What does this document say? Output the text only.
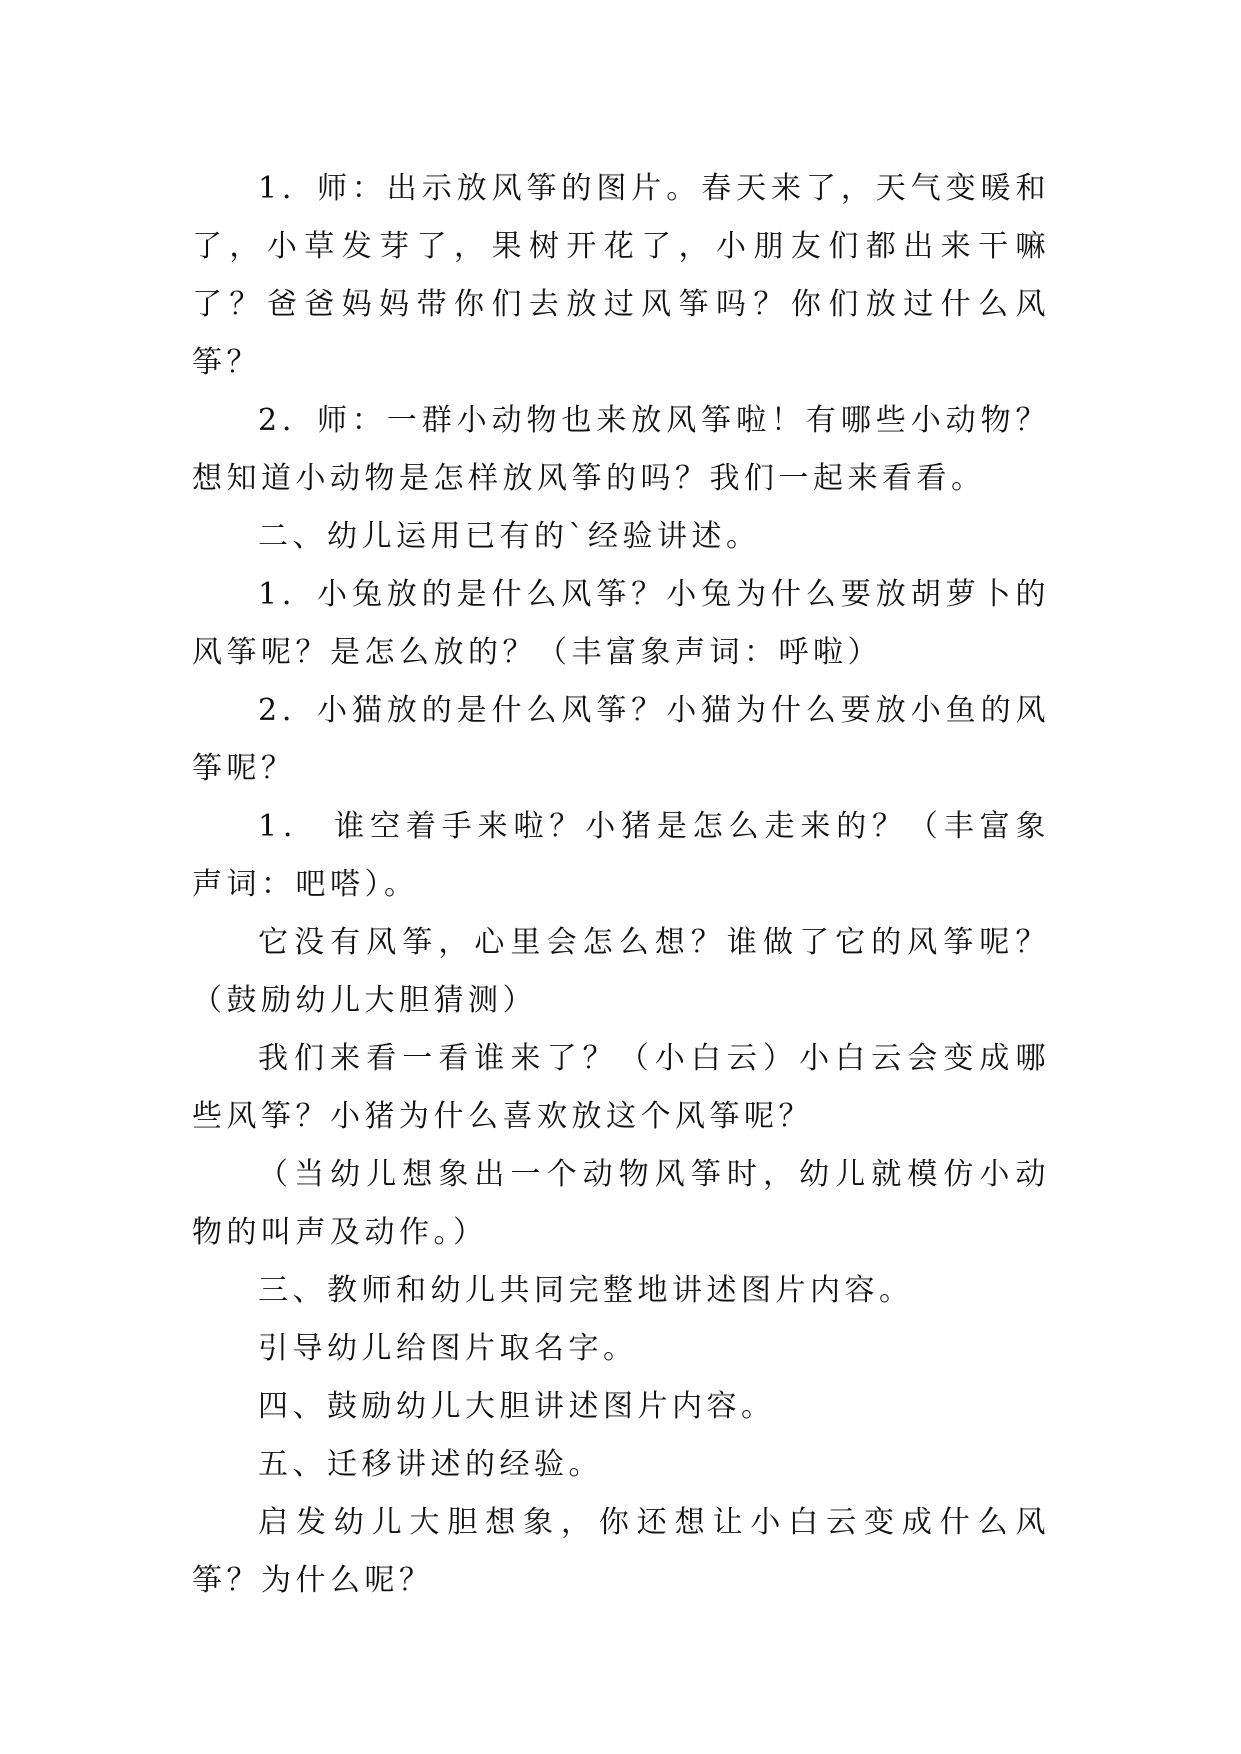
1．师：出示放风筝的图片。春天来了，天气变暖和了，小草发芽了，果树开花了，小朋友们都出来干嘛了？爸爸妈妈带你们去放过风筝吗？你们放过什么风筝？

2．师：一群小动物也来放风筝啦！有哪些小动物？想知道小动物是怎样放风筝的吗？我们一起来看看。

二、幼儿运用已有的`经验讲述。

1．小兔放的是什么风筝？小兔为什么要放胡萝卜的风筝呢？是怎么放的？（丰富象声词：呼啦）

2．小猫放的是什么风筝？小猫为什么要放小鱼的风筝呢？

1． 谁空着手来啦？小猪是怎么走来的？（丰富象声词：吧嗒）。

它没有风筝，心里会怎么想？谁做了它的风筝呢？（鼓励幼儿大胆猜测）

我们来看一看谁来了？（小白云）小白云会变成哪些风筝？小猪为什么喜欢放这个风筝呢？

（当幼儿想象出一个动物风筝时，幼儿就模仿小动物的叫声及动作。）

三、教师和幼儿共同完整地讲述图片内容。

引导幼儿给图片取名字。

四、鼓励幼儿大胆讲述图片内容。

五、迁移讲述的经验。

启发幼儿大胆想象，你还想让小白云变成什么风筝？为什么呢？
